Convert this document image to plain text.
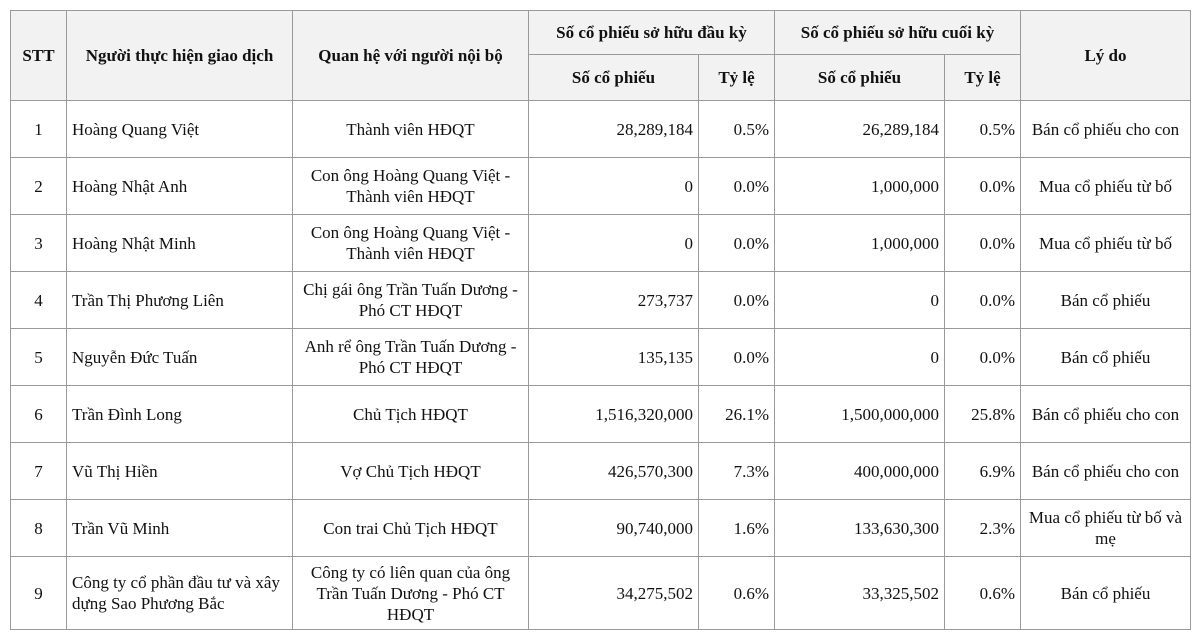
STT	Người thực hiện giao dịch	Quan hệ với người nội bộ	Số cổ phiếu sở hữu đầu kỳ		Số cổ phiếu sở hữu cuối kỳ		Lý do
			Số cổ phiếu	Tỷ lệ	Số cổ phiếu	Tỷ lệ	
1	Hoàng Quang Việt	Thành viên HĐQT	28,289,184	0.5%	26,289,184	0.5%	Bán cổ phiếu cho con
2	Hoàng Nhật Anh	Con ông Hoàng Quang Việt - Thành viên HĐQT	0	0.0%	1,000,000	0.0%	Mua cổ phiếu từ bố
3	Hoàng Nhật Minh	Con ông Hoàng Quang Việt - Thành viên HĐQT	0	0.0%	1,000,000	0.0%	Mua cổ phiếu từ bố
4	Trần Thị Phương Liên	Chị gái ông Trần Tuấn Dương - Phó CT HĐQT	273,737	0.0%	0	0.0%	Bán cổ phiếu
5	Nguyễn Đức Tuấn	Anh rể ông Trần Tuấn Dương - Phó CT HĐQT	135,135	0.0%	0	0.0%	Bán cổ phiếu
6	Trần Đình Long	Chủ Tịch HĐQT	1,516,320,000	26.1%	1,500,000,000	25.8%	Bán cổ phiếu cho con
7	Vũ Thị Hiền	Vợ Chủ Tịch HĐQT	426,570,300	7.3%	400,000,000	6.9%	Bán cổ phiếu cho con
8	Trần Vũ Minh	Con trai Chủ Tịch HĐQT	90,740,000	1.6%	133,630,300	2.3%	Mua cổ phiếu từ bố và mẹ
9	Công ty cổ phần đầu tư và xây dựng Sao Phương Bắc	Công ty có liên quan của ông Trần Tuấn Dương - Phó CT HĐQT	34,275,502	0.6%	33,325,502	0.6%	Bán cổ phiếu
